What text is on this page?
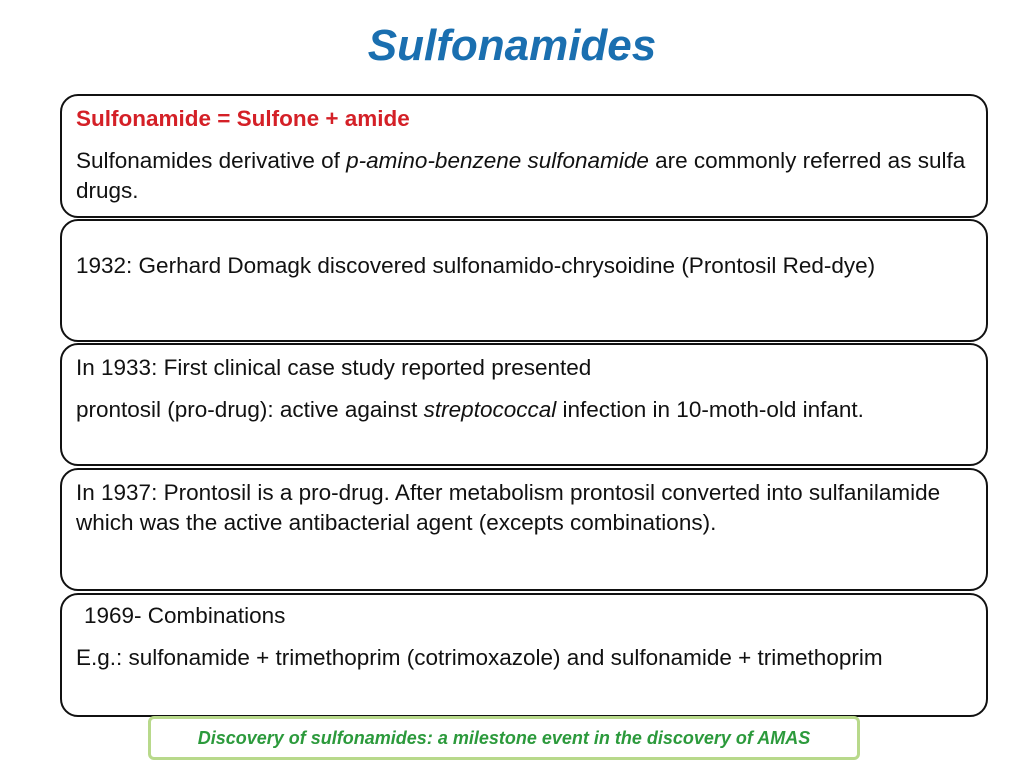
Sulfonamides

Sulfonamide = Sulfone + amide

Sulfonamides derivative of p-amino-benzene sulfonamide are commonly referred as sulfa drugs.

1932: Gerhard Domagk discovered sulfonamido-chrysoidine (Prontosil Red-dye)

In 1933: First clinical case study reported presented

prontosil (pro-drug): active against streptococcal infection in 10-moth-old infant.

In 1937: Prontosil is a pro-drug. After metabolism prontosil converted into sulfanilamide which was the active antibacterial agent (excepts combinations).

1969- Combinations

E.g.: sulfonamide + trimethoprim (cotrimoxazole) and sulfonamide + trimethoprim

Discovery of sulfonamides: a milestone event in the discovery of AMAS
